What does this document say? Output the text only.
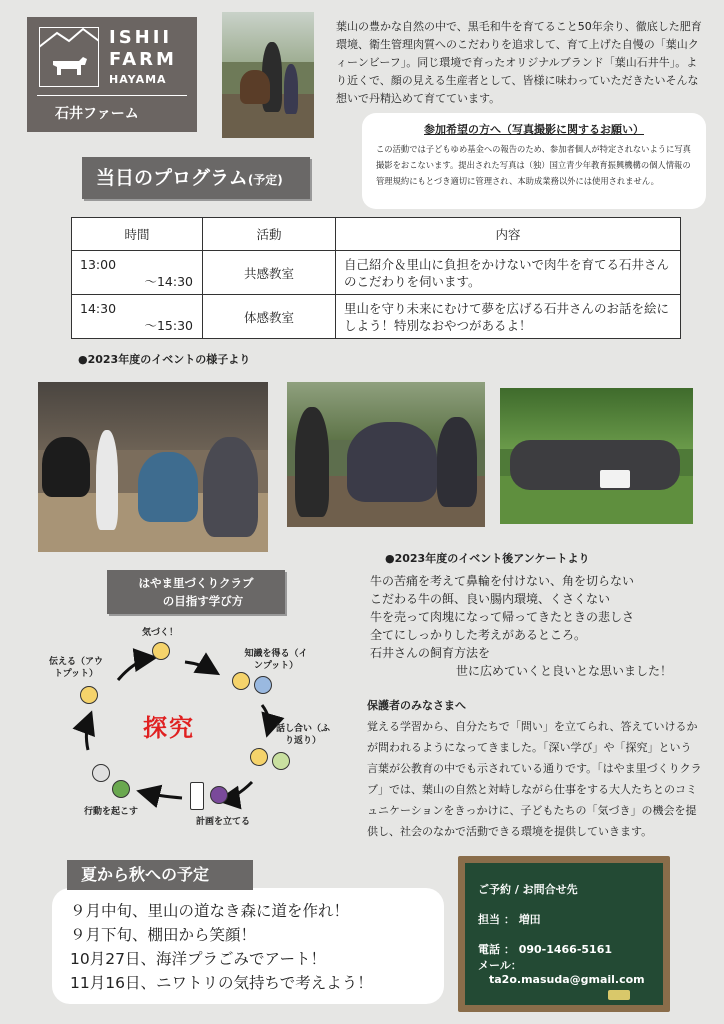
ISHII
FARM
HAYAMA
石井ファーム
葉山の豊かな自然の中で、黒毛和牛を育てること50年余り、徹底した肥育環境、衛生管理肉質へのこだわりを追求して、育て上げた自慢の「葉山クィーンビーフ」。同じ環境で育ったオリジナルブランド「葉山石井牛」。より近くで、顔の見える生産者として、皆様に味わっていただきたいそんな想いで丹精込めて育てています。
参加希望の方へ（写真撮影に関するお願い）
この活動では子どもゆめ基金への報告のため、参加者個人が特定されないように写真撮影をおこないます。提出された写真は（独）国立青少年教育振興機構の個人情報の管理規約にもとづき適切に管理され、本助成業務以外には使用されません。
当日のプログラム(予定)
時間	活動	内容
13:00
～14:30	共感教室	自己紹介＆里山に負担をかけないで肉牛を育てる石井さんのこだわりを伺います。
14:30
～15:30	体感教室	里山を守り未来にむけて夢を広げる石井さんのお話を絵にしよう！特別なおやつがあるよ！
●2023年度のイベントの様子より
はやま里づくりクラブ
の目指す学び方
気づく！
知識を得る（インプット）
話し合い（ふり返り）
計画を立てる
行動を起こす
伝える（アウトプット）
探究
●2023年度のイベント後アンケートより
牛の苦痛を考えて鼻輪を付けない、角を切らない
こだわる牛の餌、良い腸内環境、くさくない
牛を売って肉塊になって帰ってきたときの悲しさ
全てにしっかりした考えがあるところ。
石井さんの飼育方法を
世に広めていくと良いとな思いました！
保護者のみなさまへ
覚える学習から、自分たちで「問い」を立てられ、答えていけるかが問われるようになってきました。「深い学び」や「探究」という言葉が公教育の中でも示されている通りです。「はやま里づくりクラブ」では、葉山の自然と対峙しながら仕事をする大人たちとのコミュニケーションをきっかけに、子どもたちの「気づき」の機会を提供し、社会のなかで活動できる環境を提供していきます。
９月中旬、里山の道なき森に道を作れ！
９月下旬、棚田から笑顔！
10月27日、海洋プラごみでアート！
11月16日、ニワトリの気持ちで考えよう！
夏から秋への予定
ご予約 / お問合せ先
担当 ： 増田
電話 ： 090-1466-5161
メール：
ta2o.masuda@gmail.com
